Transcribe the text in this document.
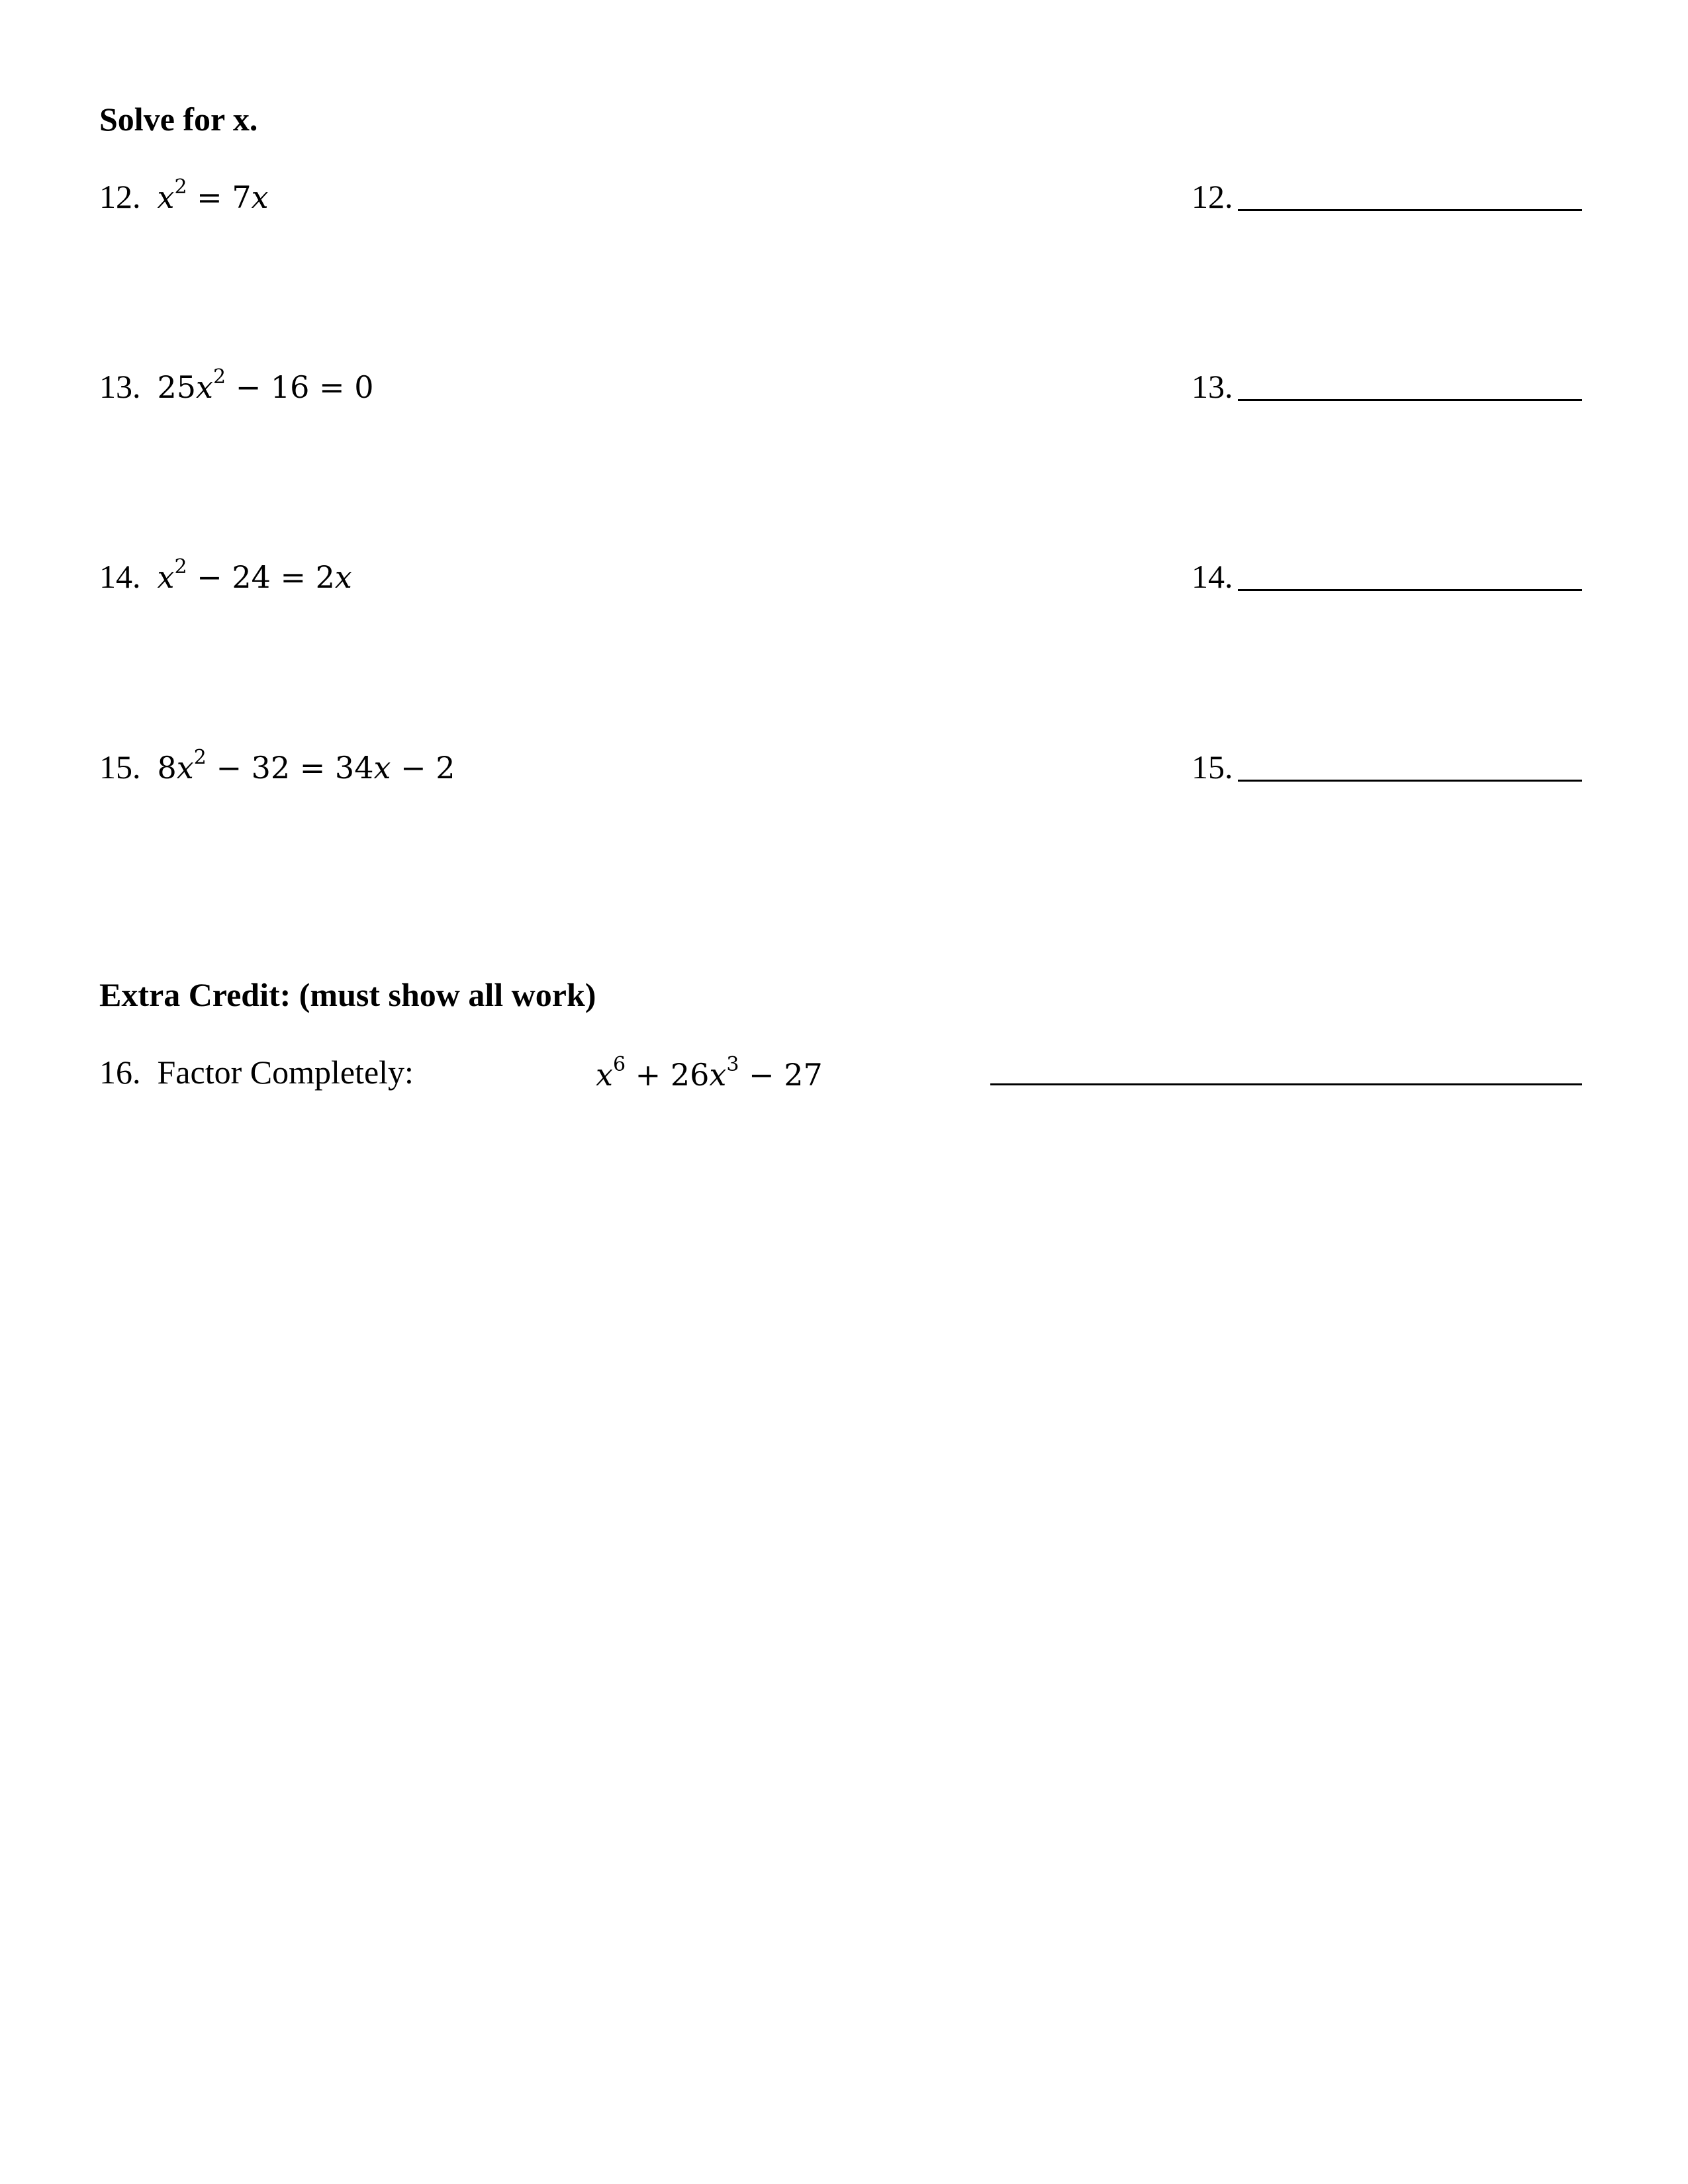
Solve for x.
12. $x^2 = 7x$	12.
13. $25x^2 - 16 = 0$	13.
14. $x^2 - 24 = 2x$	14.
15. $8x^2 - 32 = 34x - 2$	15.
Extra Credit: (must show all work)
16. Factor Completely:	$x^6 + 26x^3 - 27$
